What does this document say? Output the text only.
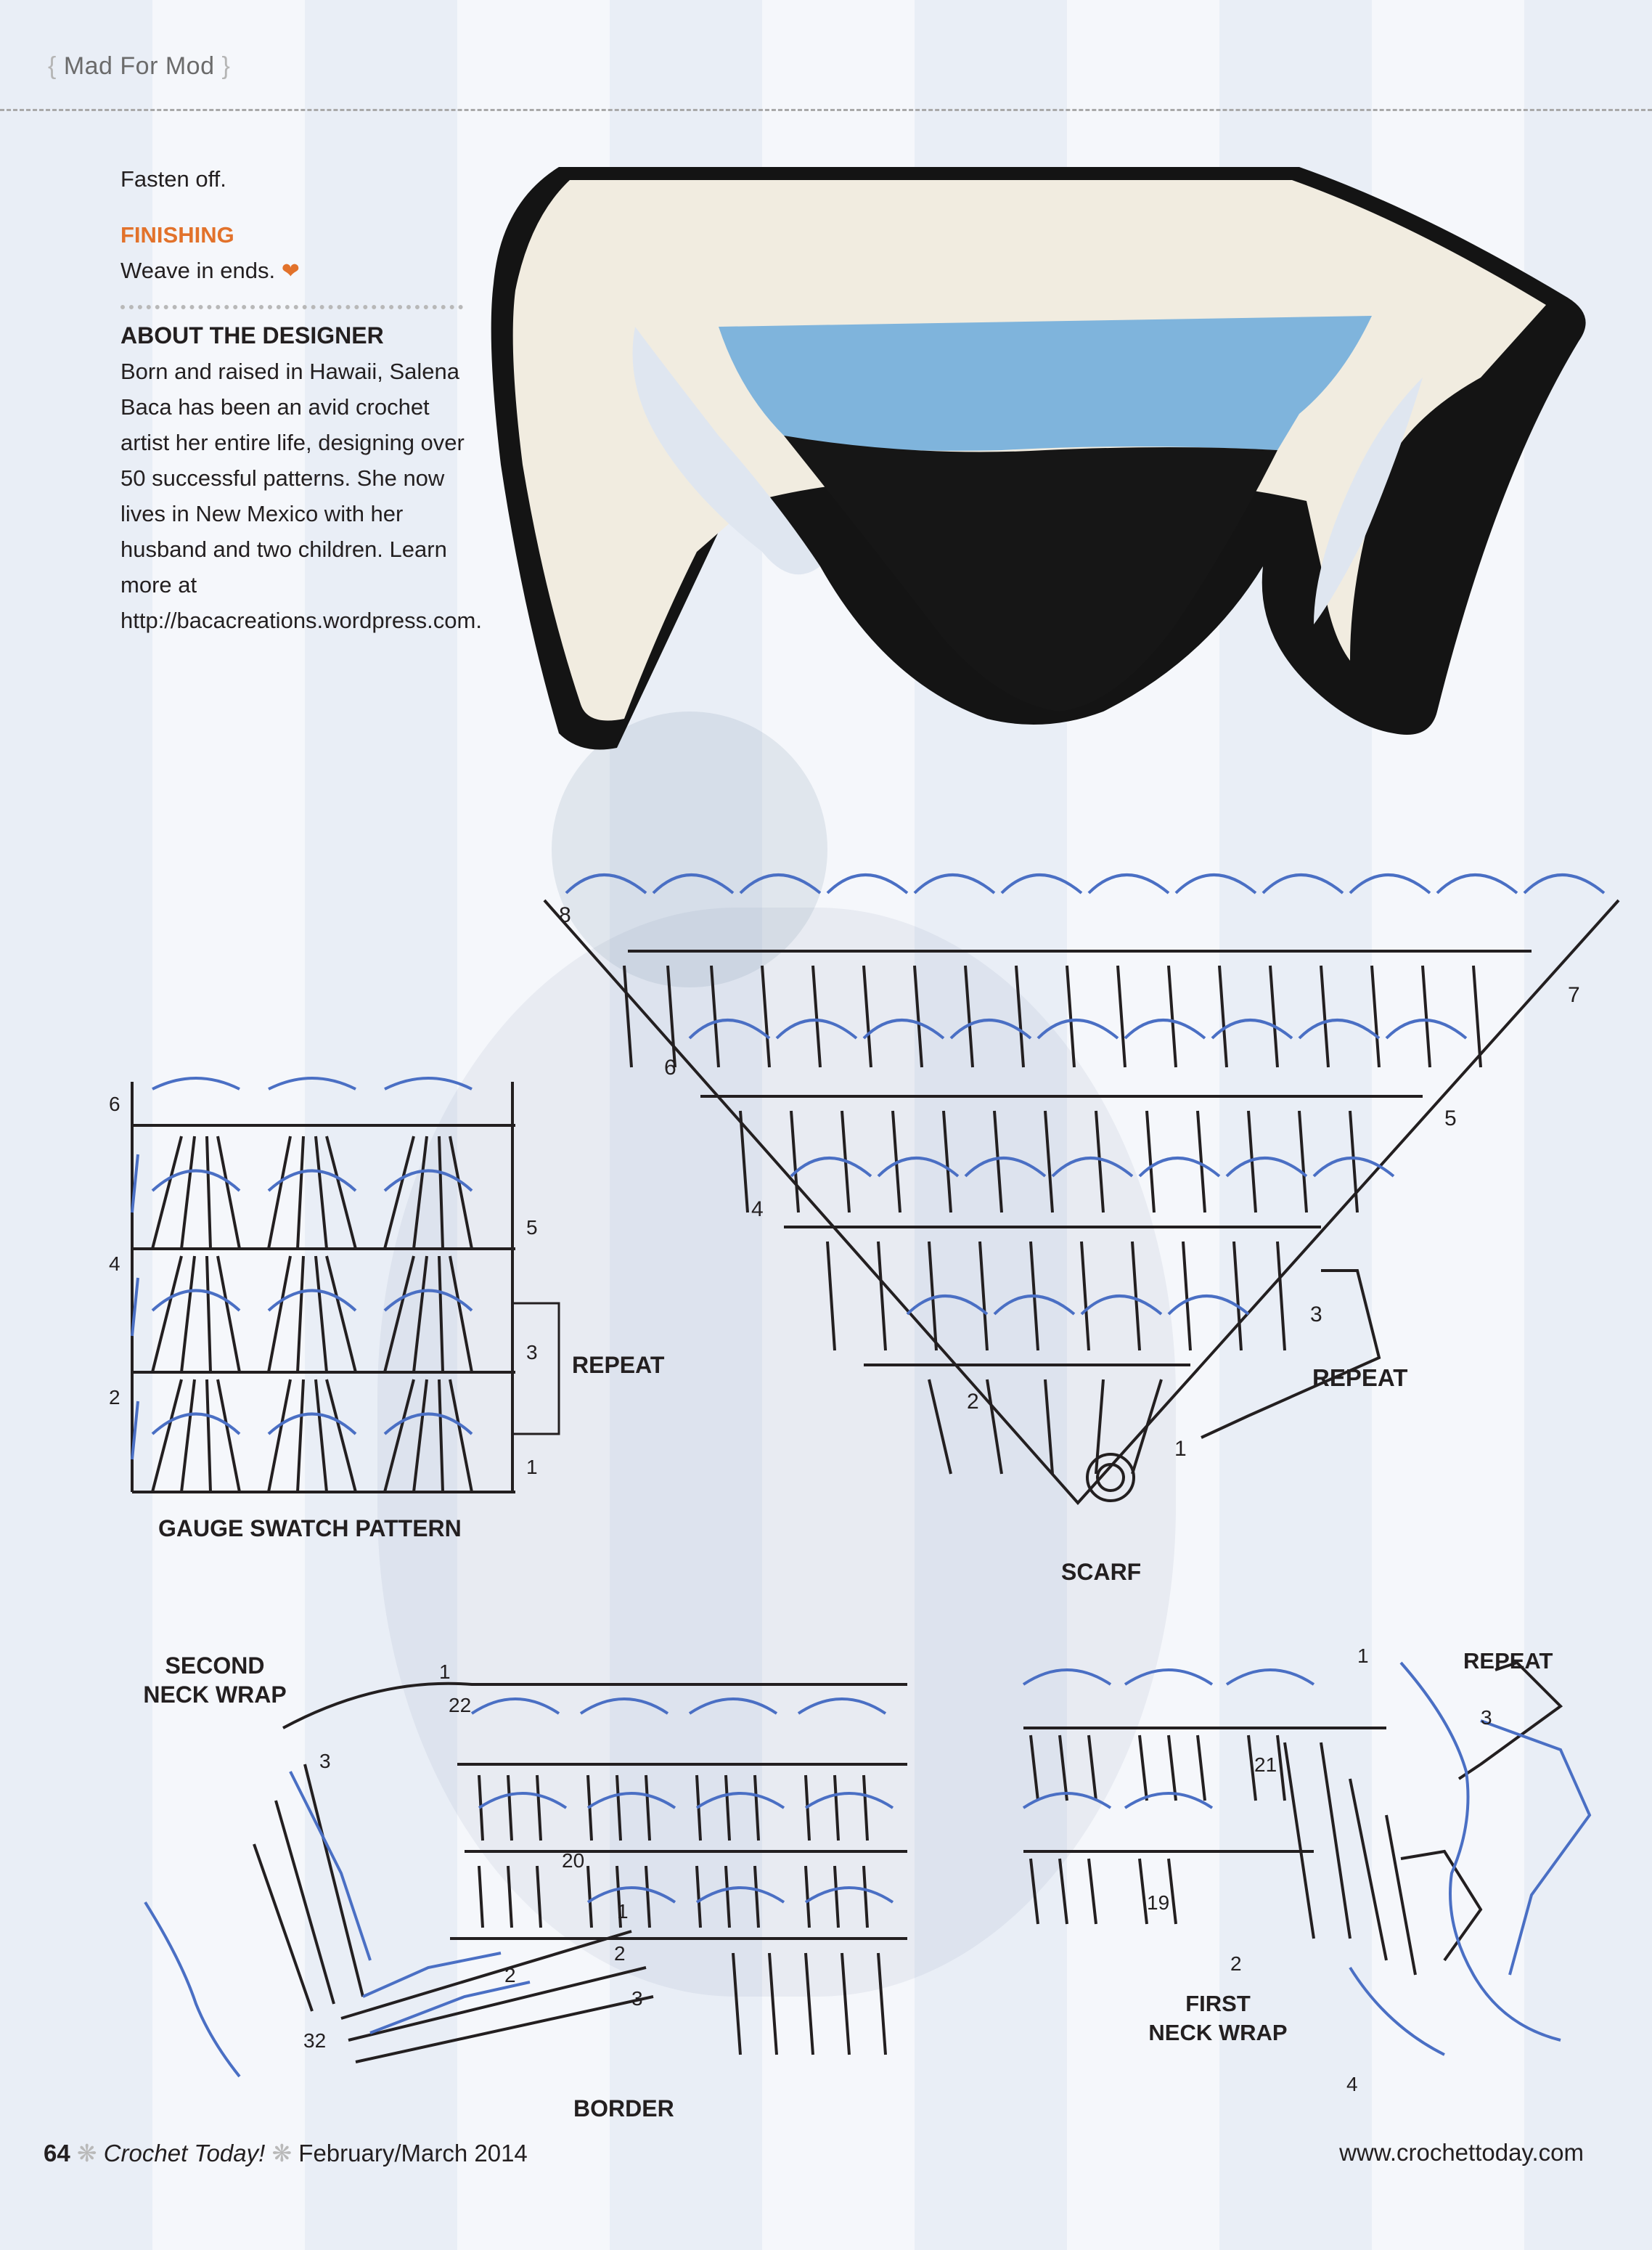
{ Mad For Mod }

Fasten off.

FINISHING

Weave in ends. ❤

ABOUT THE DESIGNER

Born and raised in Hawaii, Salena Baca has been an avid crochet artist her entire life, designing over 50 successful patterns. She now lives in New Mexico with her husband and two children. Learn more at http://bacacreations.wordpress.com.

6
5
4
3
2
1
REPEAT
GAUGE SWATCH PATTERN
8
7
6
5
4
3
2
1
REPEAT
SCARF
1
22
3
20
1
2
2
3
32
SECOND
NECK WRAP
BORDER
1
3
21
19
2
4
REPEAT
FIRST
NECK WRAP
64 ❋ Crochet Today! ❋ February/March 2014	www.crochettoday.com
